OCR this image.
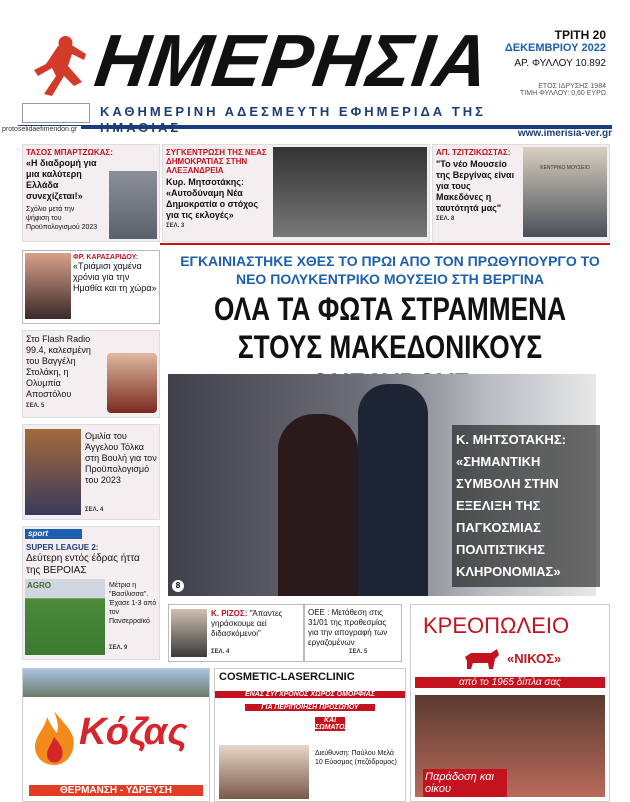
ΗΜΕΡΗΣΙΑ
ΚΑΘΗΜΕΡΙΝΗ ΑΔΕΣΜΕΥΤΗ ΕΦΗΜΕΡΙΔΑ ΤΗΣ
ΤΡΙΤΗ 20
ΔΕΚΕΜΒΡΙΟΥ 2022
ΑΡ. ΦΥΛΛΟΥ 10.892
ΕΤΟΣ ΙΔΡΥΣΗΣ 1984
ΤΙΜΗ ΦΥΛΛΟΥ: 0,60 ΕΥΡΩ
protoselidaefimeridon.gr	www.imerisia-ver.gr
ΤΑΣΟΣ ΜΠΑΡΤΖΩΚΑΣ:
«Η διαδρομή για μια καλύτερη Ελλάδα συνεχίζεται!»
Σχόλιο μετά την ψήφιση του Προϋπολογισμού 2023
ΣΥΓΚΕΝΤΡΩΣΗ ΤΗΣ ΝΕΑΣ ΔΗΜΟΚΡΑΤΙΑΣ ΣΤΗΝ ΑΛΕΞΑΝΔΡΕΙΑ
Κυρ. Μητσοτάκης: «Αυτοδύναμη Νέα Δημοκρατία ο στόχος για τις εκλογές»
ΣΕΛ. 3
ΑΠ. ΤΖΙΤΖΙΚΩΣΤΑΣ:
"Το νέο Μουσείο της Βεργίνας είναι για τους Μακεδόνες η ταυτότητά μας"
ΣΕΛ. 8
ΚΕΝΤΡΙΚΟ ΜΟΥΣΕΙΟ
ΦΡ. ΚΑΡΑΣΑΡΙΔΟΥ:
«Τριάμισι χαμένα χρόνια για την Ημαθία και τη χώρα»
Στο Flash Radio 99.4, καλεσμένη του Βαγγέλη Στολάκη, η Ολυμπία Αποστόλου
ΣΕΛ. 5
Ομιλία του Άγγελου Τόλκα στη Βουλή για τον Προϋπολογισμό του 2023
ΣΕΛ. 4
sport
SUPER LEAGUE 2:
Δεύτερη εντός έδρας ήττα της ΒΕΡΟΙΑΣ
AGRO	Μέτρια η "Βασίλισσα". Έχασε 1-3 από τον Πανσερραϊκό
ΣΕΛ. 9
ΕΓΚΑΙΝΙΑΣΤΗΚΕ ΧΘΕΣ ΤΟ ΠΡΩΙ ΑΠΟ ΤΟΝ ΠΡΩΘΥΠΟΥΡΓΟ ΤΟ ΝΕΟ ΠΟΛΥΚΕΝΤΡΙΚΟ ΜΟΥΣΕΙΟ ΣΤΗ ΒΕΡΓΙΝΑ
ΟΛΑ ΤΑ ΦΩΤΑ ΣΤΡΑΜΜΕΝΑ ΣΤΟΥΣ ΜΑΚΕΔΟΝΙΚΟΥΣ
8
Κ. ΜΗΤΣΟΤΑΚΗΣ:
«ΣΗΜΑΝΤΙΚΗ ΣΥΜΒΟΛΗ ΣΤΗΝ ΕΞΕΛΙΞΗ ΤΗΣ ΠΑΓΚΟΣΜΙΑΣ ΠΟΛΙΤΙΣΤΙΚΗΣ ΚΛΗΡΟΝΟΜΙΑΣ»
Κ. ΡΙΖΟΣ: "Άπαντες γηράσκουμε αεί διδασκόμενοι"
ΣΕΛ. 4
ΟΕΕ : Μετάθεση στις 31/01 της προθεσμίας για την απογραφή των εργαζομένων
ΣΕΛ. 5
Κόζας
ΘΕΡΜΑΝΣΗ - ΥΔΡΕΥΣΗ
COSMETIC-LASERCLINIC
ΕΝΑΣ ΣΥΓΧΡΟΝΟΣ ΧΩΡΟΣ ΟΜΟΡΦΙΑΣ
ΓΙΑ ΠΕΡΙΠΟΙΗΣΗ ΠΡΟΣΩΠΟΥ
ΚΑΙ ΣΩΜΑΤΟΣ
Διεύθυνση: Παύλου Μελά 10 Εύοσμος (πεζόδρομος)
ΚΡΕΟΠΩΛΕΙΟ
«ΝΙΚΟΣ»
από το 1965 δίπλα σας
Παράδοση και οίκου
